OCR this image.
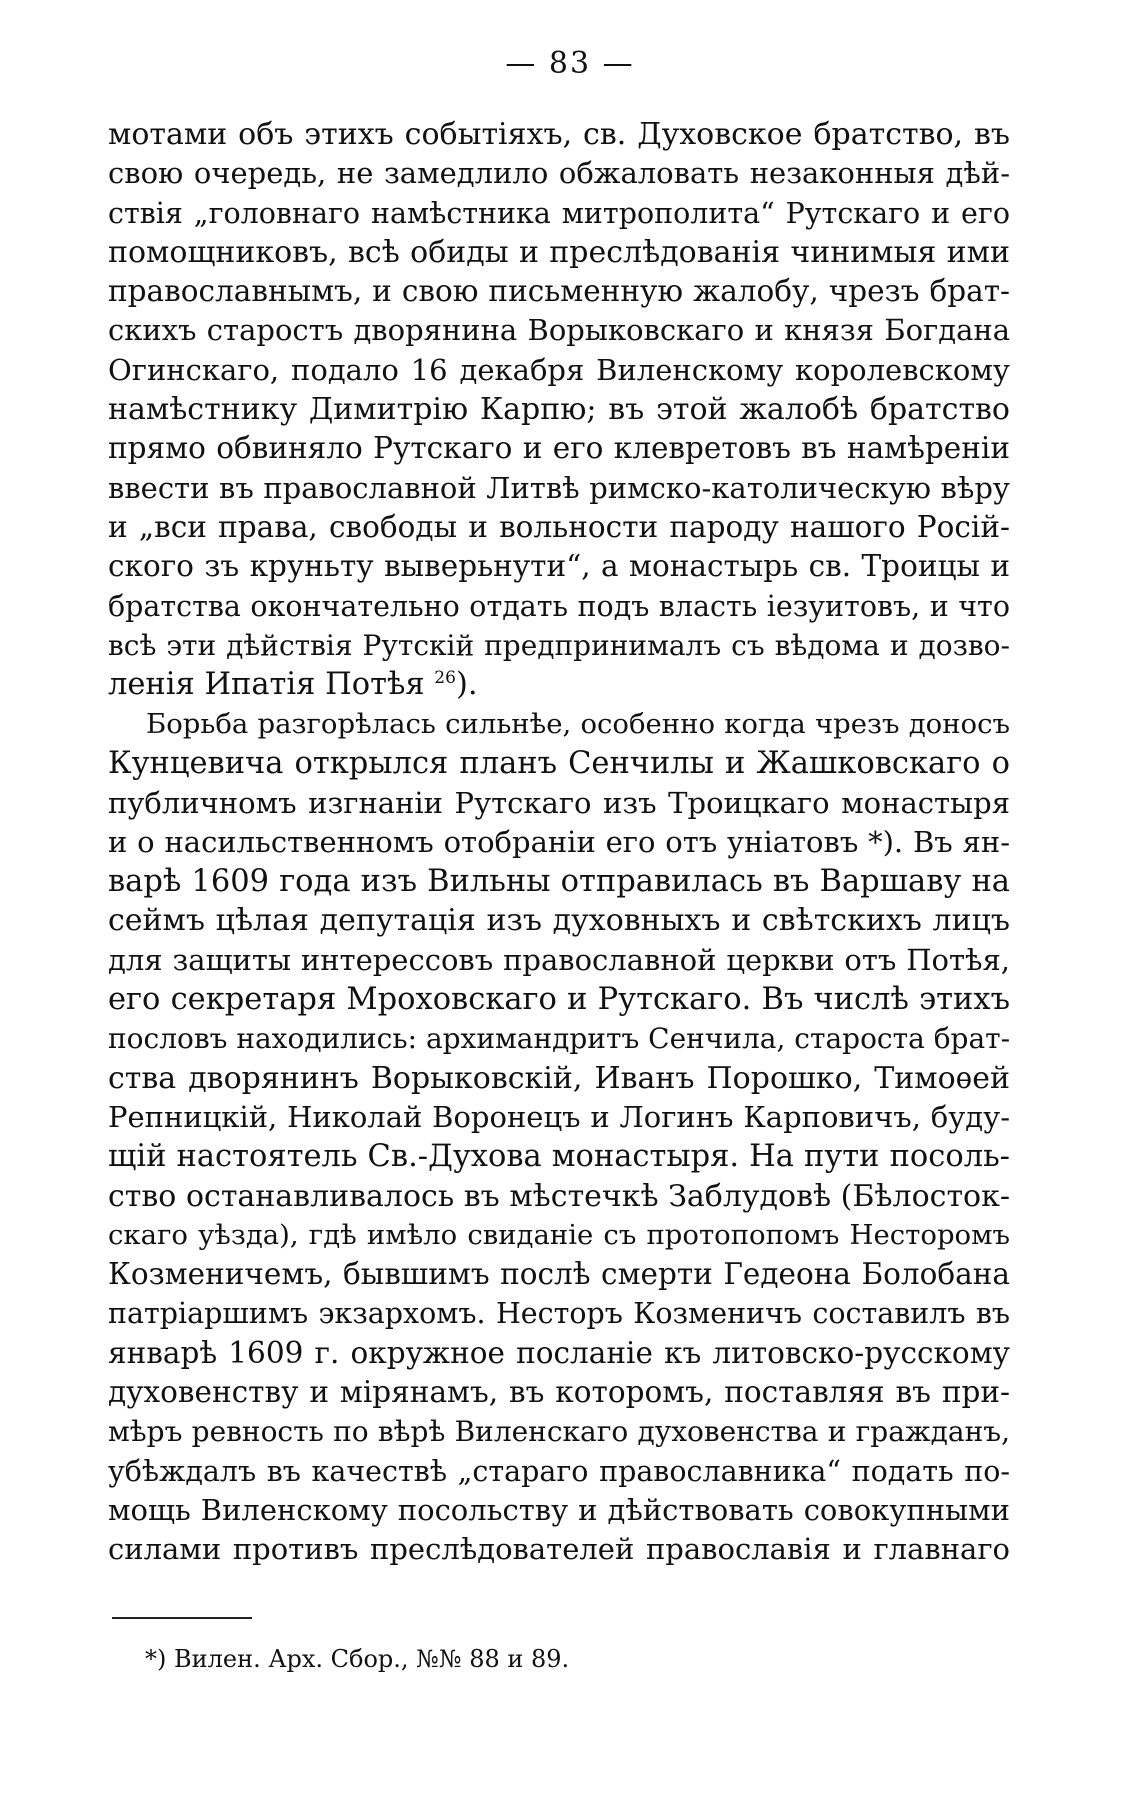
— 83 —
мотами объ этихъ событіяхъ, св. Духовское братство, въ
свою очередь, не замедлило обжаловать незаконныя дѣй-
ствія „головнаго намѣстника митрополита“ Рутскаго и его
помощниковъ, всѣ обиды и преслѣдованія чинимыя ими
православнымъ, и свою письменную жалобу, чрезъ брат-
скихъ старостъ дворянина Ворыковскаго и князя Богдана
Огинскаго, подало 16 декабря Виленскому королевскому
намѣстнику Димитрію Карпю; въ этой жалобѣ братство
прямо обвиняло Рутскаго и его клевретовъ въ намѣреніи
ввести въ православной Литвѣ римско-католическую вѣру
и „вси права, свободы и вольности пароду нашого Росій-
ского зъ круньту выверьнути“, а монастырь св. Троицы и
братства окончательно отдать подъ власть іезуитовъ, и что
всѣ эти дѣйствія Рутскій предпринималъ съ вѣдома и дозво-
ленія Ипатія Потѣя $^{26}$).
Борьба разгорѣлась сильнѣе, особенно когда чрезъ доносъ
Кунцевича открылся планъ Сенчилы и Жашковскаго о
публичномъ изгнаніи Рутскаго изъ Троицкаго монастыря
и о насильственномъ отобраніи его отъ уніатовъ *). Въ ян-
варѣ 1609 года изъ Вильны отправилась въ Варшаву на
сеймъ цѣлая депутація изъ духовныхъ и свѣтскихъ лицъ
для защиты интерессовъ православной церкви отъ Потѣя,
его секретаря Мроховскаго и Рутскаго. Въ числѣ этихъ
пословъ находились: архимандритъ Сенчила, староста брат-
ства дворянинъ Ворыковскій, Иванъ Порошко, Тимоѳей
Репницкій, Николай Воронецъ и Логинъ Карповичъ, буду-
щій настоятель Св.-Духова монастыря. На пути посоль-
ство останавливалось въ мѣстечкѣ Заблудовѣ (Бѣлосток-
скаго уѣзда), гдѣ имѣло свиданіе съ протопопомъ Несторомъ
Козменичемъ, бывшимъ послѣ смерти Гедеона Болобана
патріаршимъ экзархомъ. Несторъ Козменичъ составилъ въ
январѣ 1609 г. окружное посланіе къ литовско-русскому
духовенству и мірянамъ, въ которомъ, поставляя въ при-
мѣръ ревность по вѣрѣ Виленскаго духовенства и гражданъ,
убѣждалъ въ качествѣ „стараго православника“ подать по-
мощь Виленскому посольству и дѣйствовать совокупными
силами противъ преслѣдователей православія и главнаго
*) Вилен. Арх. Сбор., №№ 88 и 89.
